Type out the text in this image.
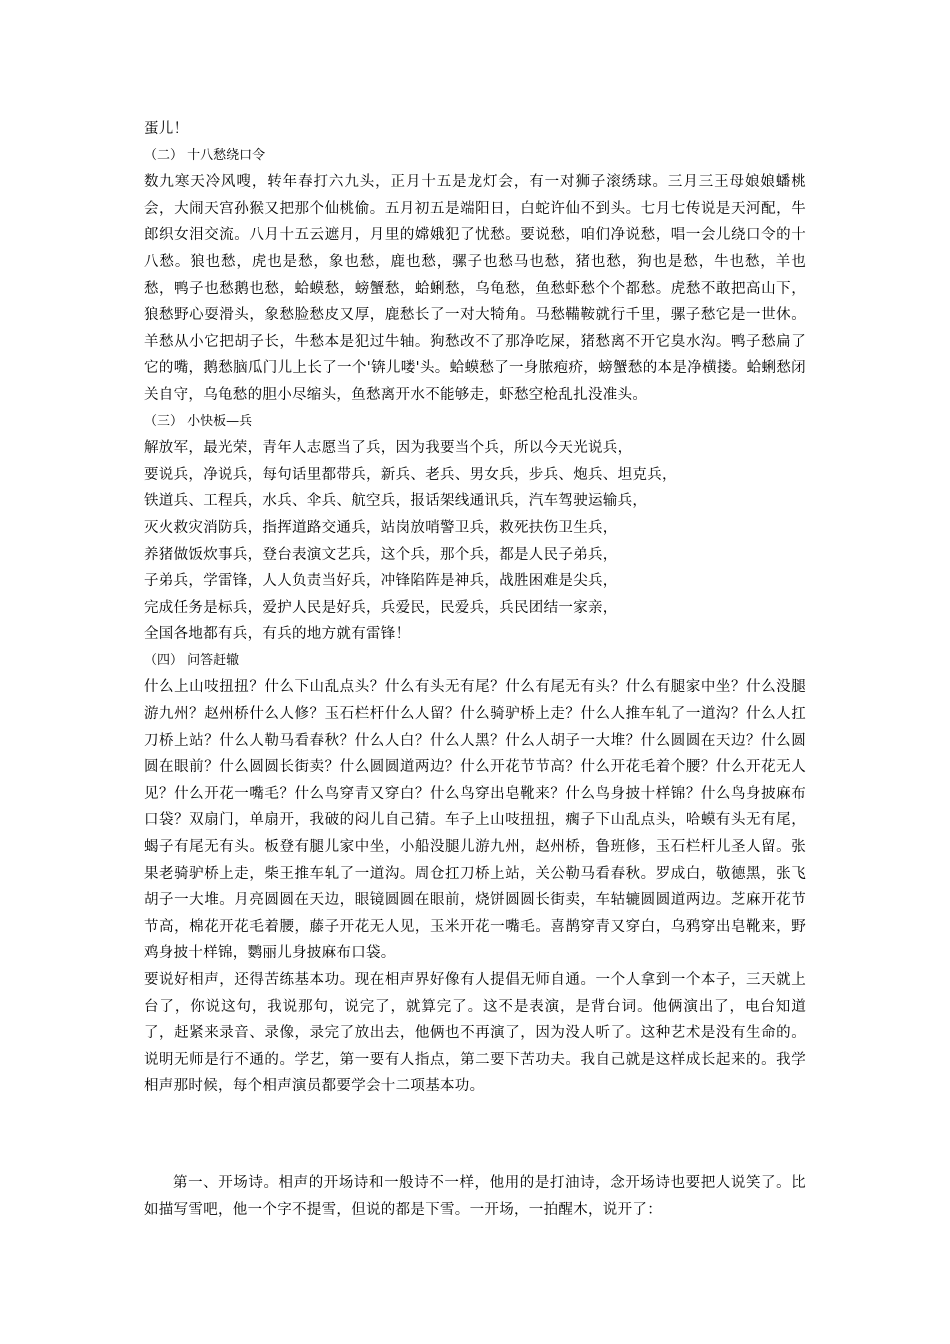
蛋儿！
（二） 十八愁绕口令
数九寒天冷风嗖，转年春打六九头，正月十五是龙灯会，有一对狮子滚绣球。三月三王母娘娘蟠桃会，大闹天宫孙猴又把那个仙桃偷。五月初五是端阳日，白蛇许仙不到头。七月七传说是天河配，牛郎织女泪交流。八月十五云遮月，月里的嫦娥犯了忧愁。要说愁，咱们净说愁，唱一会儿绕口令的十八愁。狼也愁，虎也是愁，象也愁，鹿也愁，骡子也愁马也愁，猪也愁，狗也是愁，牛也愁，羊也愁，鸭子也愁鹅也愁，蛤蟆愁，螃蟹愁，蛤蜊愁，乌龟愁，鱼愁虾愁个个都愁。虎愁不敢把高山下，狼愁野心耍滑头，象愁脸愁皮又厚，鹿愁长了一对大犄角。马愁鞴鞍就行千里，骡子愁它是一世休。羊愁从小它把胡子长，牛愁本是犯过牛轴。狗愁改不了那净吃屎，猪愁离不开它臭水沟。鸭子愁扁了它的嘴，鹅愁脑瓜门儿上长了一个'锛儿喽'头。蛤蟆愁了一身脓疱疥，螃蟹愁的本是净横搂。蛤蜊愁闭关自守，乌龟愁的胆小尽缩头，鱼愁离开水不能够走，虾愁空枪乱扎没准头。
（三） 小快板—兵
解放军，最光荣，青年人志愿当了兵，因为我要当个兵，所以今天光说兵，
要说兵，净说兵，每句话里都带兵，新兵、老兵、男女兵，步兵、炮兵、坦克兵，
铁道兵、工程兵，水兵、伞兵、航空兵，报话架线通讯兵，汽车驾驶运输兵，
灭火救灾消防兵，指挥道路交通兵，站岗放哨警卫兵，救死扶伤卫生兵，
养猪做饭炊事兵，登台表演文艺兵，这个兵，那个兵，都是人民子弟兵，
子弟兵，学雷锋，人人负责当好兵，冲锋陷阵是神兵，战胜困难是尖兵，
完成任务是标兵，爱护人民是好兵，兵爱民，民爱兵，兵民团结一家亲，
全国各地都有兵，有兵的地方就有雷锋！
（四） 问答赶辙
什么上山吱扭扭？什么下山乱点头？什么有头无有尾？什么有尾无有头？什么有腿家中坐？什么没腿游九州？赵州桥什么人修？玉石栏杆什么人留？什么骑驴桥上走？什么人推车轧了一道沟？什么人扛刀桥上站？什么人勒马看春秋？什么人白？什么人黑？什么人胡子一大堆？什么圆圆在天边？什么圆圆在眼前？什么圆圆长街卖？什么圆圆道两边？什么开花节节高？什么开花毛着个腰？什么开花无人见？什么开花一嘴毛？什么鸟穿青又穿白？什么鸟穿出皂靴来？什么鸟身披十样锦？什么鸟身披麻布口袋？双扇门，单扇开，我破的闷儿自己猜。车子上山吱扭扭，瘸子下山乱点头，哈蟆有头无有尾，蝎子有尾无有头。板登有腿儿家中坐，小船没腿儿游九州，赵州桥，鲁班修，玉石栏杆儿圣人留。张果老骑驴桥上走，柴王推车轧了一道沟。周仓扛刀桥上站，关公勒马看春秋。罗成白，敬德黑，张飞胡子一大堆。月亮圆圆在天边，眼镜圆圆在眼前，烧饼圆圆长街卖，车轱辘圆圆道两边。芝麻开花节节高，棉花开花毛着腰，藤子开花无人见，玉米开花一嘴毛。喜鹊穿青又穿白，乌鸦穿出皂靴来，野鸡身披十样锦，鹦丽儿身披麻布口袋。
要说好相声，还得苦练基本功。现在相声界好像有人提倡无师自通。一个人拿到一个本子，三天就上台了，你说这句，我说那句，说完了，就算完了。这不是表演，是背台词。他俩演出了，电台知道了，赶紧来录音、录像，录完了放出去，他俩也不再演了，因为没人听了。这种艺术是没有生命的。说明无师是行不通的。学艺，第一要有人指点，第二要下苦功夫。我自己就是这样成长起来的。我学相声那时候，每个相声演员都要学会十二项基本功。
第一、开场诗。相声的开场诗和一般诗不一样，他用的是打油诗，念开场诗也要把人说笑了。比如描写雪吧，他一个字不提雪，但说的都是下雪。一开场，一拍醒木，说开了：
